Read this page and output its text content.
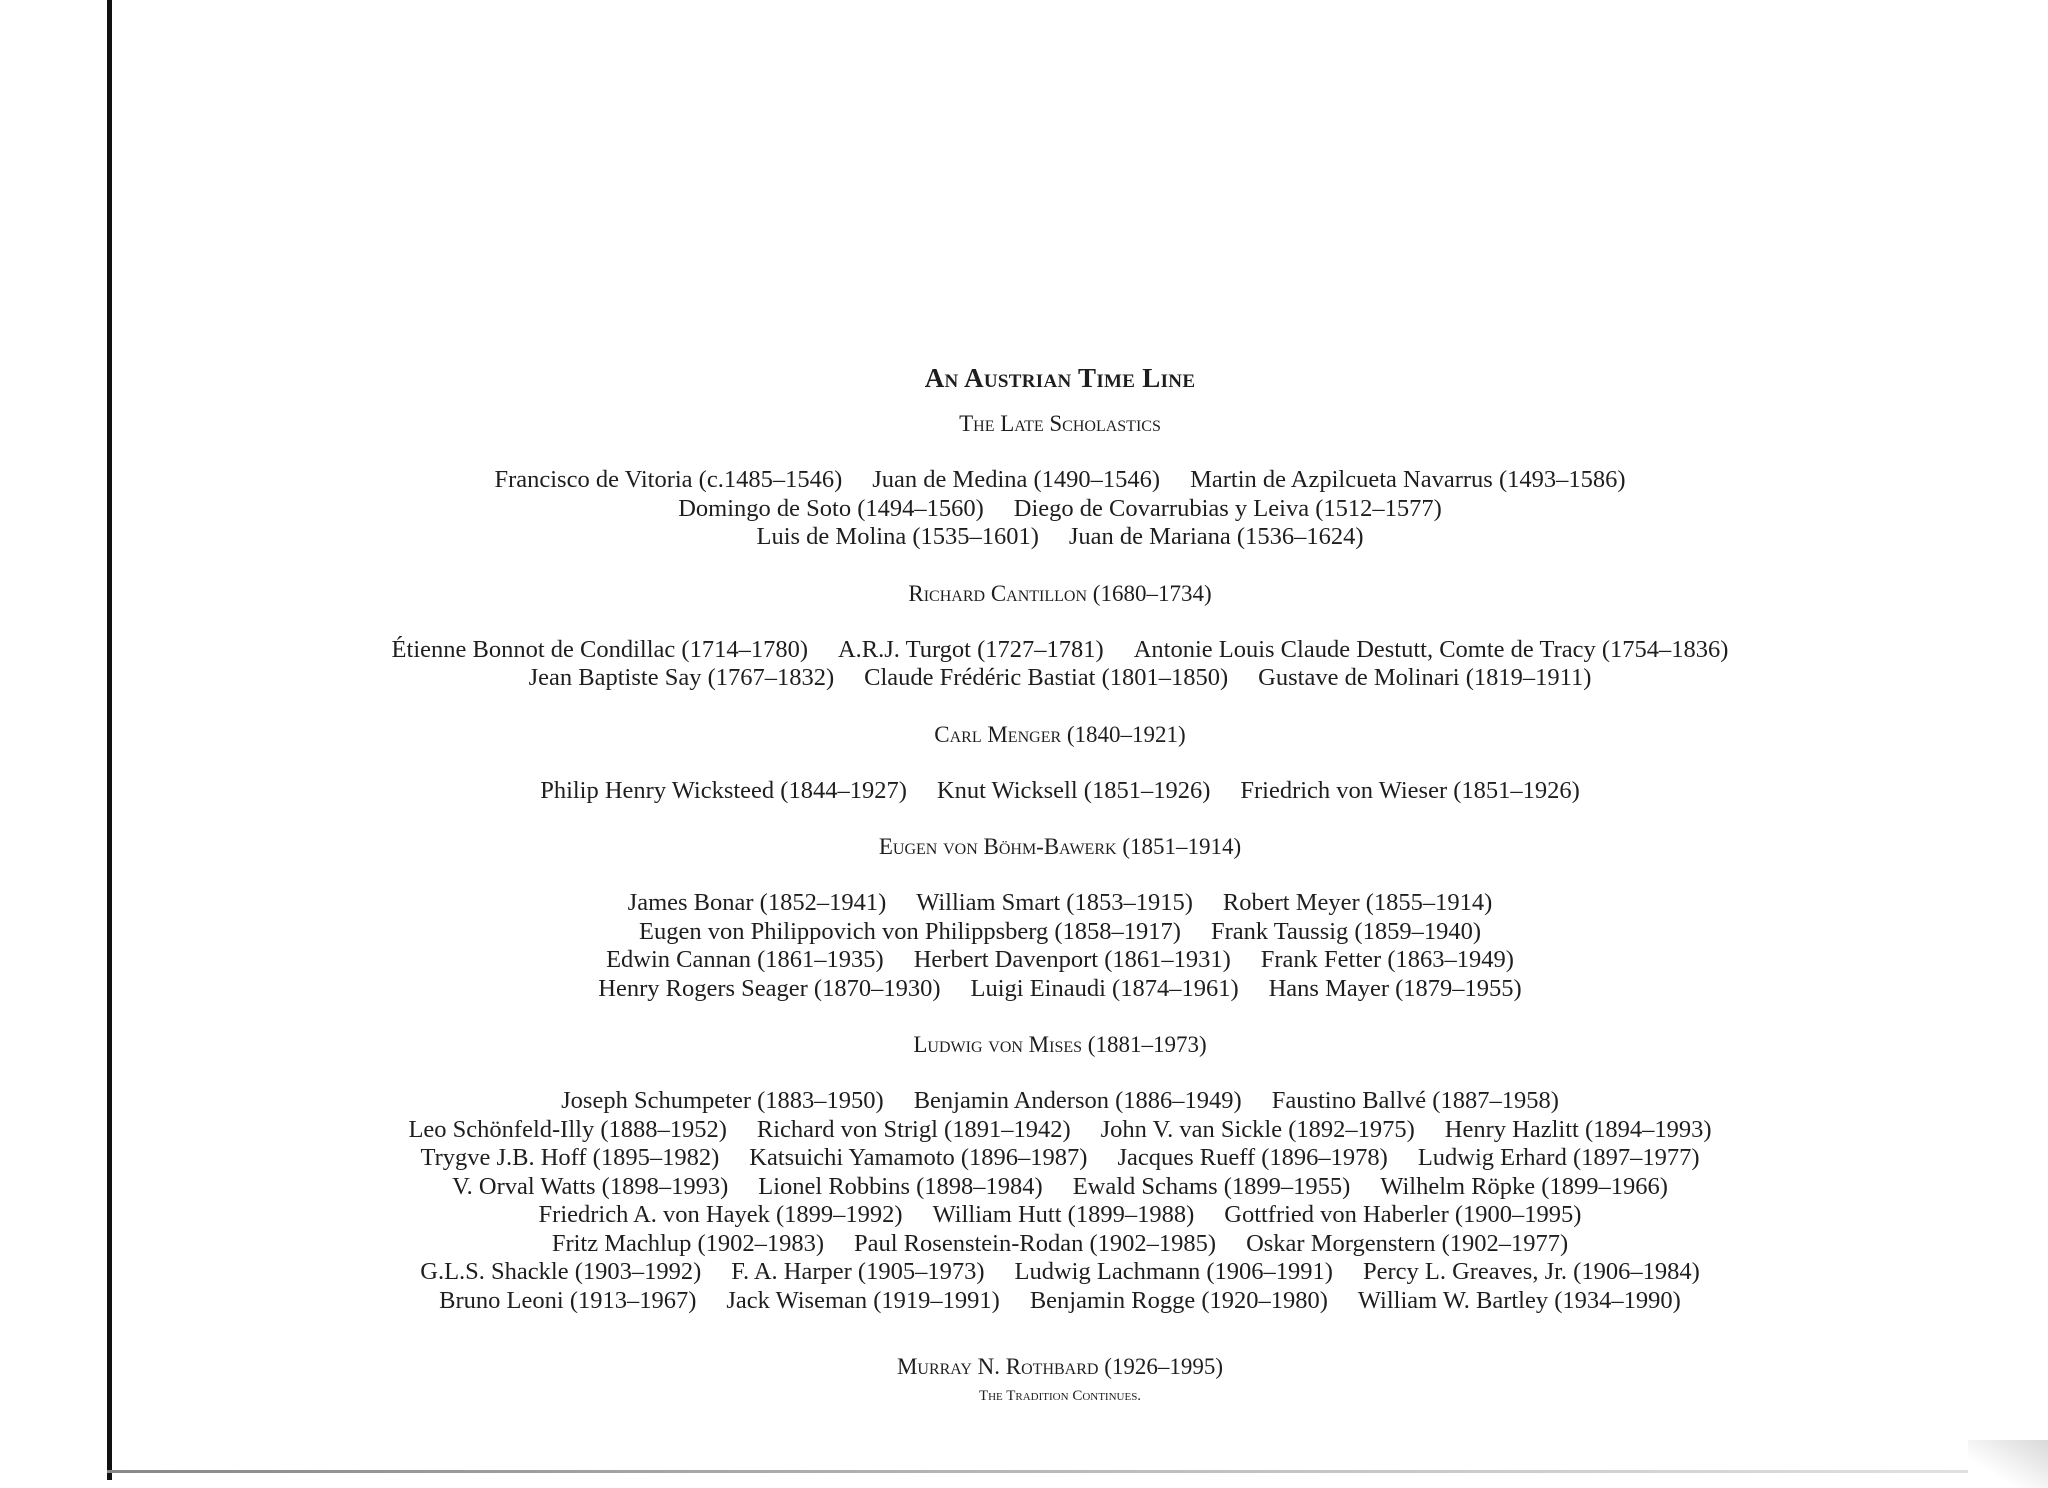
An Austrian Time Line

The Late Scholastics

Francisco de Vitoria (c.1485–1546) Juan de Medina (1490–1546) Martin de Azpilcueta Navarrus (1493–1586)

Domingo de Soto (1494–1560) Diego de Covarrubias y Leiva (1512–1577)

Luis de Molina (1535–1601) Juan de Mariana (1536–1624)

Richard Cantillon (1680–1734)

Étienne Bonnot de Condillac (1714–1780) A.R.J. Turgot (1727–1781) Antonie Louis Claude Destutt, Comte de Tracy (1754–1836)

Jean Baptiste Say (1767–1832) Claude Frédéric Bastiat (1801–1850) Gustave de Molinari (1819–1911)

Carl Menger (1840–1921)

Philip Henry Wicksteed (1844–1927) Knut Wicksell (1851–1926) Friedrich von Wieser (1851–1926)

Eugen von Böhm-Bawerk (1851–1914)

James Bonar (1852–1941) William Smart (1853–1915) Robert Meyer (1855–1914)

Eugen von Philippovich von Philippsberg (1858–1917) Frank Taussig (1859–1940)

Edwin Cannan (1861–1935) Herbert Davenport (1861–1931) Frank Fetter (1863–1949)

Henry Rogers Seager (1870–1930) Luigi Einaudi (1874–1961) Hans Mayer (1879–1955)

Ludwig von Mises (1881–1973)

Joseph Schumpeter (1883–1950) Benjamin Anderson (1886–1949) Faustino Ballvé (1887–1958)

Leo Schönfeld-Illy (1888–1952) Richard von Strigl (1891–1942) John V. van Sickle (1892–1975) Henry Hazlitt (1894–1993)

Trygve J.B. Hoff (1895–1982) Katsuichi Yamamoto (1896–1987) Jacques Rueff (1896–1978) Ludwig Erhard (1897–1977)

V. Orval Watts (1898–1993) Lionel Robbins (1898–1984) Ewald Schams (1899–1955) Wilhelm Röpke (1899–1966)

Friedrich A. von Hayek (1899–1992) William Hutt (1899–1988) Gottfried von Haberler (1900–1995)

Fritz Machlup (1902–1983) Paul Rosenstein-Rodan (1902–1985) Oskar Morgenstern (1902–1977)

G.L.S. Shackle (1903–1992) F. A. Harper (1905–1973) Ludwig Lachmann (1906–1991) Percy L. Greaves, Jr. (1906–1984)

Bruno Leoni (1913–1967) Jack Wiseman (1919–1991) Benjamin Rogge (1920–1980) William W. Bartley (1934–1990)

Murray N. Rothbard (1926–1995)

The Tradition Continues.
